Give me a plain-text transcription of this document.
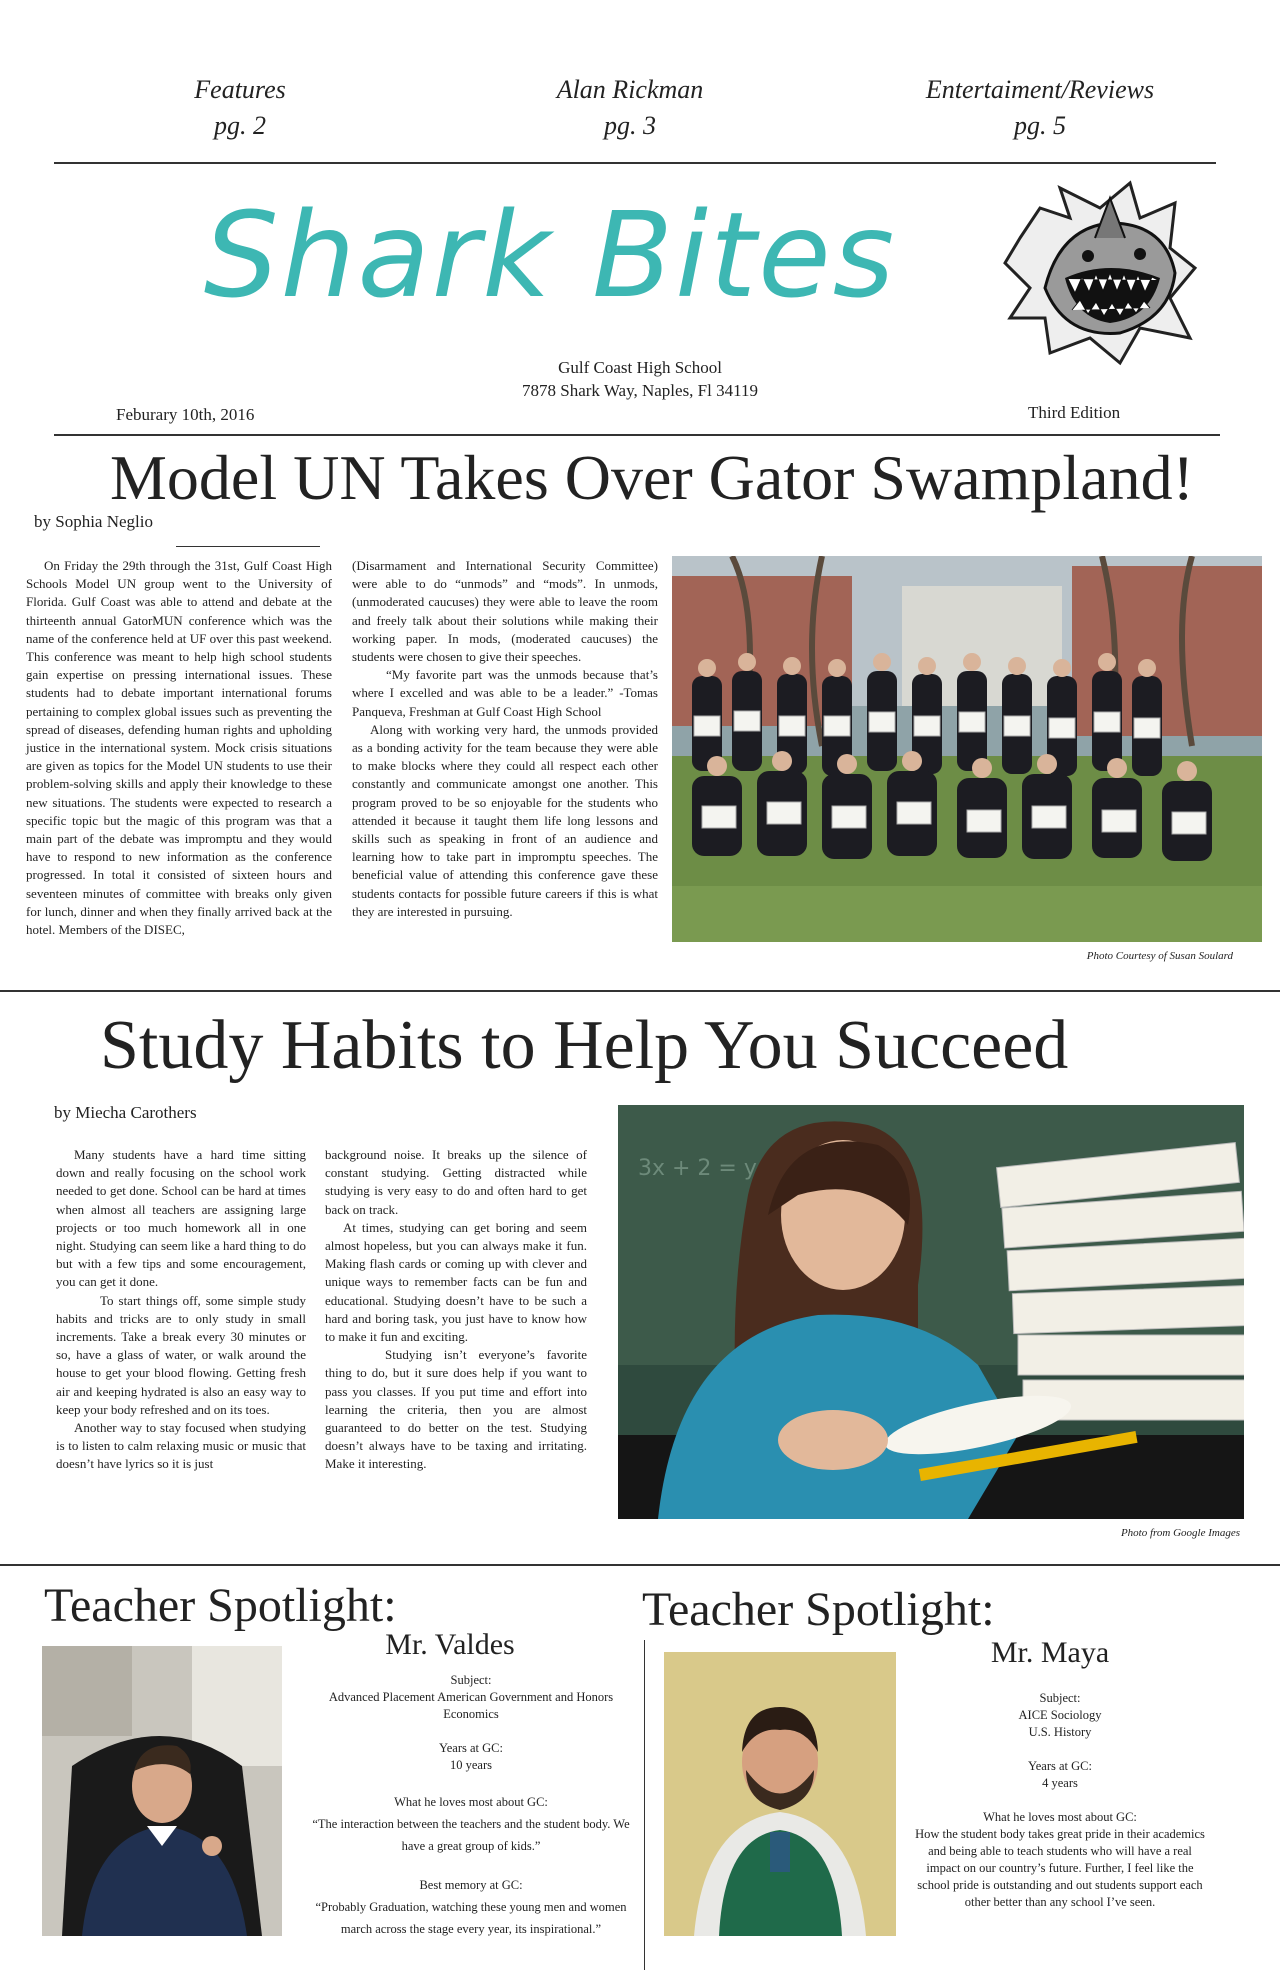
Features
pg. 2
Alan Rickman
pg. 3
Entertaiment/Reviews
pg. 5
Shark Bites
Gulf Coast High School
7878 Shark Way, Naples, Fl 34119
Feburary 10th, 2016	Third Edition
Model UN Takes Over Gator Swampland!
by Sophia Neglio

On Friday the 29th through the 31st, Gulf Coast High Schools Model UN group went to the University of Florida. Gulf Coast was able to attend and debate at the thirteenth annual GatorMUN conference which was the name of the conference held at UF over this past weekend. This conference was meant to help high school students gain expertise on pressing international issues. These students had to debate important international forums pertaining to complex global issues such as preventing the spread of diseases, defending human rights and upholding justice in the international system. Mock crisis situations are given as topics for the Model UN students to use their problem-solving skills and apply their knowledge to these new situations. The students were expected to research a specific topic but the magic of this program was that a main part of the debate was impromptu and they would have to respond to new information as the conference progressed. In total it consisted of sixteen hours and seventeen minutes of committee with breaks only given for lunch, dinner and when they finally arrived back at the hotel. Members of the DISEC,

(Disarmament and International Security Committee) were able to do “unmods” and “mods”. In unmods, (unmoderated caucuses) they were able to leave the room and freely talk about their solutions while making their working paper. In mods, (moderated caucuses) the students were chosen to give their speeches.

“My favorite part was the unmods because that’s where I excelled and was able to be a leader.” -Tomas Panqueva, Freshman at Gulf Coast High School

Along with working very hard, the unmods provided as a bonding activity for the team because they were able to make blocks where they could all respect each other constantly and communicate amongst one another. This program proved to be so enjoyable for the students who attended it because it taught them life long lessons and skills such as speaking in front of an audience and learning how to take part in impromptu speeches. The beneficial value of attending this conference gave these students contacts for possible future careers if this is what they are interested in pursuing.

Photo Courtesy of Susan Soulard
Study Habits to Help You Succeed
by Miecha Carothers

Many students have a hard time sitting down and really focusing on the school work needed to get done. School can be hard at times when almost all teachers are assigning large projects or too much homework all in one night. Studying can seem like a hard thing to do but with a few tips and some encouragement, you can get it done.

To start things off, some simple study habits and tricks are to only study in small increments. Take a break every 30 minutes or so, have a glass of water, or walk around the house to get your blood flowing. Getting fresh air and keeping hydrated is also an easy way to keep your body refreshed and on its toes.

Another way to stay focused when studying is to listen to calm relaxing music or music that doesn’t have lyrics so it is just

background noise. It breaks up the silence of constant studying. Getting distracted while studying is very easy to do and often hard to get back on track.

At times, studying can get boring and seem almost hopeless, but you can always make it fun. Making flash cards or coming up with clever and unique ways to remember facts can be fun and educational. Studying doesn’t have to be such a hard and boring task, you just have to know how to make it fun and exciting.

Studying isn’t everyone’s favorite thing to do, but it sure does help if you want to pass you classes. If you put time and effort into learning the criteria, then you are almost guaranteed to do better on the test. Studying doesn’t always have to be taxing and irritating. Make it interesting.

3x + 2 = y
Photo from Google Images
Teacher Spotlight:
Mr. Valdes

Subject:
Advanced Placement American Government and Honors Economics

Years at GC:
10 years

What he loves most about GC:
“The interaction between the teachers and the student body. We have a great group of kids.”

Best memory at GC:
“Probably Graduation, watching these young men and women march across the stage every year, its inspirational.”

Teacher Spotlight:
Mr. Maya

Subject:
AICE Sociology
U.S. History

Years at GC:
4 years

What he loves most about GC:
How the student body takes great pride in their academics and being able to teach students who will have a real impact on our country’s future. Further, I feel like the school pride is outstanding and out students support each other better than any school I’ve seen.
